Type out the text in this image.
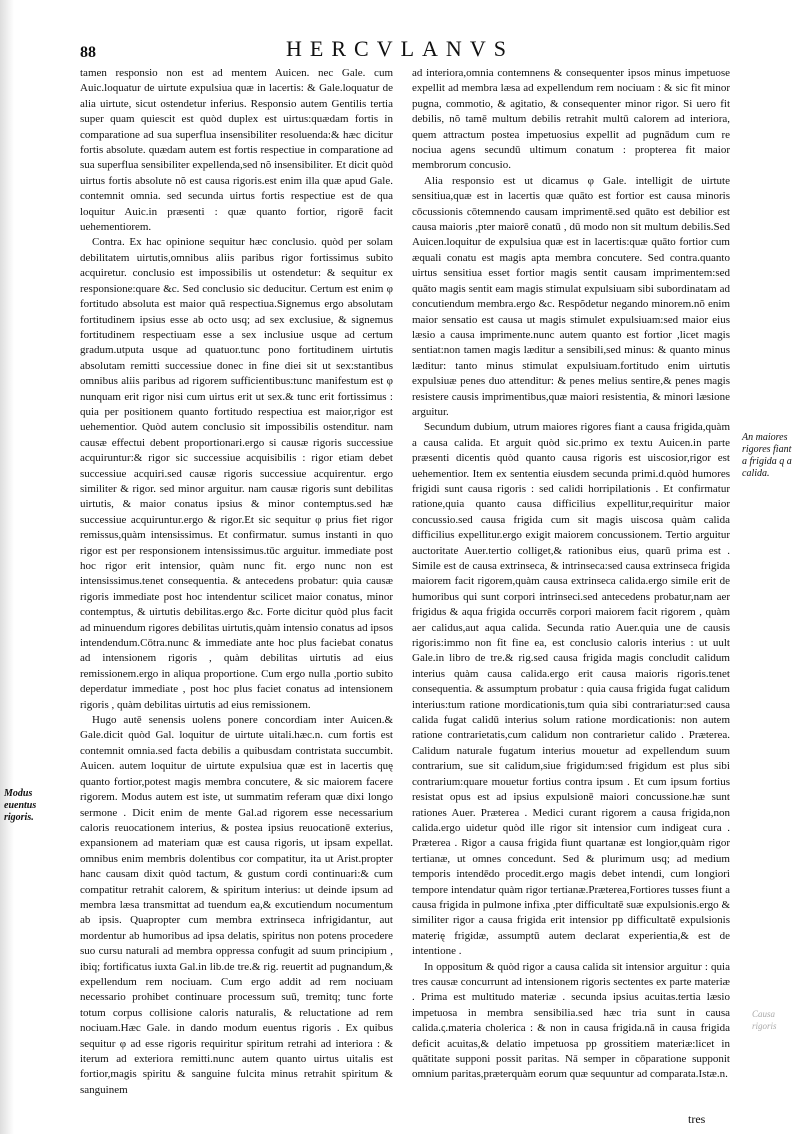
88	HERCVLANVS

tamen responsio non est ad mentem Auicen. nec Gale. cum Auic.loquatur de uirtute expulsiua quæ in lacertis: & Gale.loquatur de alia uirtute, sicut ostendetur inferius. Responsio autem Gentilis tertia super quam quiescit est quòd duplex est uirtus:quædam fortis in comparatione ad sua superflua insensibiliter resoluenda:& hæc dicitur fortis absolute. quædam autem est fortis respectiue in comparatione ad sua superflua sensibiliter expellenda,sed nõ insensibiliter. Et dicit quòd uirtus fortis absolute nõ est causa rigoris.est enim illa quæ apud Gale. contemnit omnia. sed secunda uirtus fortis respectiue est de qua loquitur Auic.in præsenti : quæ quanto fortior, rigorē facit uehementiorem.

Contra. Ex hac opinione sequitur hæc conclusio. quòd per solam debilitatem uirtutis,omnibus aliis paribus rigor fortissimus subito acquiretur. conclusio est impossibilis ut ostendetur: & sequitur ex responsione:quare &c. Sed conclusio sic deducitur. Certum est enim φ fortitudo absoluta est maior quã respectiua.Signemus ergo absolutam fortitudinem ipsius esse ab octo usq; ad sex exclusiue, & signemus fortitudinem respectiuam esse a sex inclusiue usque ad certum gradum.utputa usque ad quatuor.tunc pono fortitudinem uirtutis absolutam remitti successiue donec in fine diei sit ut sex:stantibus omnibus aliis paribus ad rigorem sufficientibus:tunc manifestum est φ nunquam erit rigor nisi cum uirtus erit ut sex.& tunc erit fortissimus : quia per positionem quanto fortitudo respectiua est maior,rigor est uehementior. Quòd autem conclusio sit impossibilis ostenditur. nam causæ effectui debent proportionari.ergo si causæ rigoris successiue acquiruntur:& rigor sic successiue acquisibilis : rigor etiam debet successiue acquiri.sed causæ rigoris successiue acquirentur. ergo similiter & rigor. sed minor arguitur. nam causæ rigoris sunt debilitas uirtutis, & maior conatus ipsius & minor contemptus.sed hæ successiue acquiruntur.ergo & rigor.Et sic sequitur φ prius fiet rigor remissus,quàm intensissimus. Et confirmatur. sumus instanti in quo rigor est per responsionem intensissimus.tūc arguitur. immediate post hoc rigor erit intensior, quàm nunc fit. ergo nunc non est intensissimus.tenet consequentia. & antecedens probatur: quia causæ rigoris immediate post hoc intendentur scilicet maior conatus, minor contemptus, & uirtutis debilitas.ergo &c. Forte dicitur quòd plus facit ad minuendum rigores debilitas uirtutis,quàm intensio conatus ad ipsos intendendum.Cōtra.nunc & immediate ante hoc plus faciebat conatus ad intensionem rigoris , quàm debilitas uirtutis ad eius remissionem.ergo in aliqua proportione. Cum ergo nulla ,portio subito deperdatur immediate , post hoc plus faciet conatus ad intensionem rigoris , quàm debilitas uirtutis ad eius remissionem.

Hugo autē senensis uolens ponere concordiam inter Auicen.& Gale.dicit quòd Gal. loquitur de uirtute uitali.hæc.n. cum fortis est contemnit omnia.sed facta debilis a quibusdam contristata succumbit. Auicen. autem loquitur de uirtute expulsiua quæ est in lacertis quę quanto fortior,potest magis membra concutere, & sic maiorem facere rigorem. Modus autem est iste, ut summatim referam quæ dixi longo sermone . Dicit enim de mente Gal.ad rigorem esse necessarium caloris reuocationem interius, & postea ipsius reuocationē exterius, expansionem ad materiam quæ est causa rigoris, ut ipsam expellat. omnibus enim membris dolentibus cor compatitur, ita ut Arist.propter hanc causam dixit quòd tactum, & gustum cordi continuari:& cum compatitur retrahit calorem, & spiritum interius: ut deinde ipsum ad membra læsa transmittat ad tuendum ea,& excutiendum nocumentum ab ipsis. Quapropter cum membra extrinseca infrigidantur, aut mordentur ab humoribus ad ipsa delatis, spiritus non potens procedere suo cursu naturali ad membra oppressa confugit ad suum principium , ibiq; fortificatus iuxta Gal.in lib.de tre.& rig. reuertit ad pugnandum,& expellendum rem nociuam. Cum ergo addit ad rem nociuam necessario prohibet continuare processum suū, tremitq; tunc forte totum corpus collisione caloris naturalis, & reluctatione ad rem nociuam.Hæc Gale. in dando modum euentus rigoris . Ex quibus sequitur φ ad esse rigoris requiritur spiritum retrahi ad interiora : & iterum ad exteriora remitti.nunc autem quanto uirtus uitalis est fortior,magis spiritu & sanguine fulcita minus retrahit spiritum & sanguinem

ad interiora,omnia contemnens & consequenter ipsos minus impetuose expellit ad membra læsa ad expellendum rem nociuam : & sic fit minor pugna, commotio, & agitatio, & consequenter minor rigor. Si uero fit debilis, nõ tamē multum debilis retrahit multū calorem ad interiora, quem attractum postea impetuosius expellit ad pugnādum cum re nociua agens secundū ultimum conatum : propterea fit maior membrorum concusio.

Alia responsio est ut dicamus φ Gale. intelligit de uirtute sensitiua,quæ est in lacertis quæ quāto est fortior est causa minoris cōcussionis cōtemnendo causam imprimentē.sed quāto est debilior est causa maioris ,pter maiorē conatū , dū modo non sit multum debilis.Sed Auicen.loquitur de expulsiua quæ est in lacertis:quæ quāto fortior cum æquali conatu est magis apta membra concutere. Sed contra.quanto uirtus sensitiua esset fortior magis sentit causam imprimentem:sed quāto magis sentit eam magis stimulat expulsiuam sibi subordinatam ad concutiendum membra.ergo &c. Respõdetur negando minorem.nõ enim maior sensatio est causa ut magis stimulet expulsiuam:sed maior eius læsio a causa imprimente.nunc autem quanto est fortior ,licet magis sentiat:non tamen magis læditur a sensibili,sed minus: & quanto minus læditur: tanto minus stimulat expulsiuam.fortitudo enim uirtutis expulsiuæ penes duo attenditur: & penes melius sentire,& penes magis resistere causis imprimentibus,quæ maiori resistentia, & minori læsione arguitur.

Secundum dubium, utrum maiores rigores fiant a causa frigida,quàm a causa calida. Et arguit quòd sic.primo ex textu Auicen.in parte præsenti dicentis quòd quanto causa rigoris est uiscosior,rigor est uehementior. Item ex sententia eiusdem secunda primi.d.quòd humores frigidi sunt causa rigoris : sed calidi horripilationis . Et confirmatur ratione,quia quanto causa difficilius expellitur,requiritur maior concussio.sed causa frigida cum sit magis uiscosa quàm calida difficilius expellitur.ergo exigit maiorem concussionem. Tertio arguitur auctoritate Auer.tertio colliget,& rationibus eius, quarū prima est . Simile est de causa extrinseca, & intrinseca:sed causa extrinseca frigida maiorem facit rigorem,quàm causa extrinseca calida.ergo simile erit de humoribus qui sunt corpori intrinseci.sed antecedens probatur,nam aer frigidus & aqua frigida occurrēs corpori maiorem facit rigorem , quàm aer calidus,aut aqua calida. Secunda ratio Auer.quia une de causis rigoris:immo non fit fine ea, est conclusio caloris interius : ut uult Gale.in libro de tre.& rig.sed causa frigida magis concludit calidum interius quàm causa calida.ergo erit causa maioris rigoris.tenet consequentia. & assumptum probatur : quia causa frigida fugat calidum interius:tum ratione mordicationis,tum quia sibi contrariatur:sed causa calida fugat calidū interius solum ratione mordicationis: non autem ratione contrarietatis,cum calidum non contrarietur calido . Præterea. Calidum naturale fugatum interius mouetur ad expellendum suum contrarium, sue sit calidum,siue frigidum:sed frigidum est plus sibi contrarium:quare mouetur fortius contra ipsum . Et cum ipsum fortius resistat opus est ad ipsius expulsionē maiori concussione.hæ sunt rationes Auer. Præterea . Medici curant rigorem a causa frigida,non calida.ergo uidetur quòd ille rigor sit intensior cum indigeat cura . Præterea . Rigor a causa frigida fiunt quartanæ est longior,quàm rigor tertianæ, ut omnes concedunt. Sed & plurimum usq; ad medium temporis intendēdo procedit.ergo magis debet intendi, cum longiori tempore intendatur quàm rigor tertianæ.Præterea,Fortiores tusses fiunt a causa frigida in pulmone infixa ,pter difficultatē suæ expulsionis.ergo & similiter rigor a causa frigida erit intensior pp difficultatē expulsionis materię frigidæ, assumptū autem declarat experientia,& est de intentione .

In oppositum & quòd rigor a causa calida sit intensior arguitur : quia tres causæ concurrunt ad intensionem rigoris sectentes ex parte materiæ . Prima est multitudo materiæ . secunda ipsius acuitas.tertia læsio impetuosa in membra sensibilia.sed hæc tria sunt in causa calida.ς.materia cholerica : & non in causa frigida.nā in causa frigida deficit acuitas,& delatio impetuosa pp grossitiem materiæ:licet in quātitate supponi possit paritas. Nā semper in cōparatione supponit omnium paritas,præterquàm eorum quæ sequuntur ad comparata.Istæ.n.

An maiores rigores fiant a frigida q a calida.
Modus euentus rigoris.
Causa rigoris
tres
